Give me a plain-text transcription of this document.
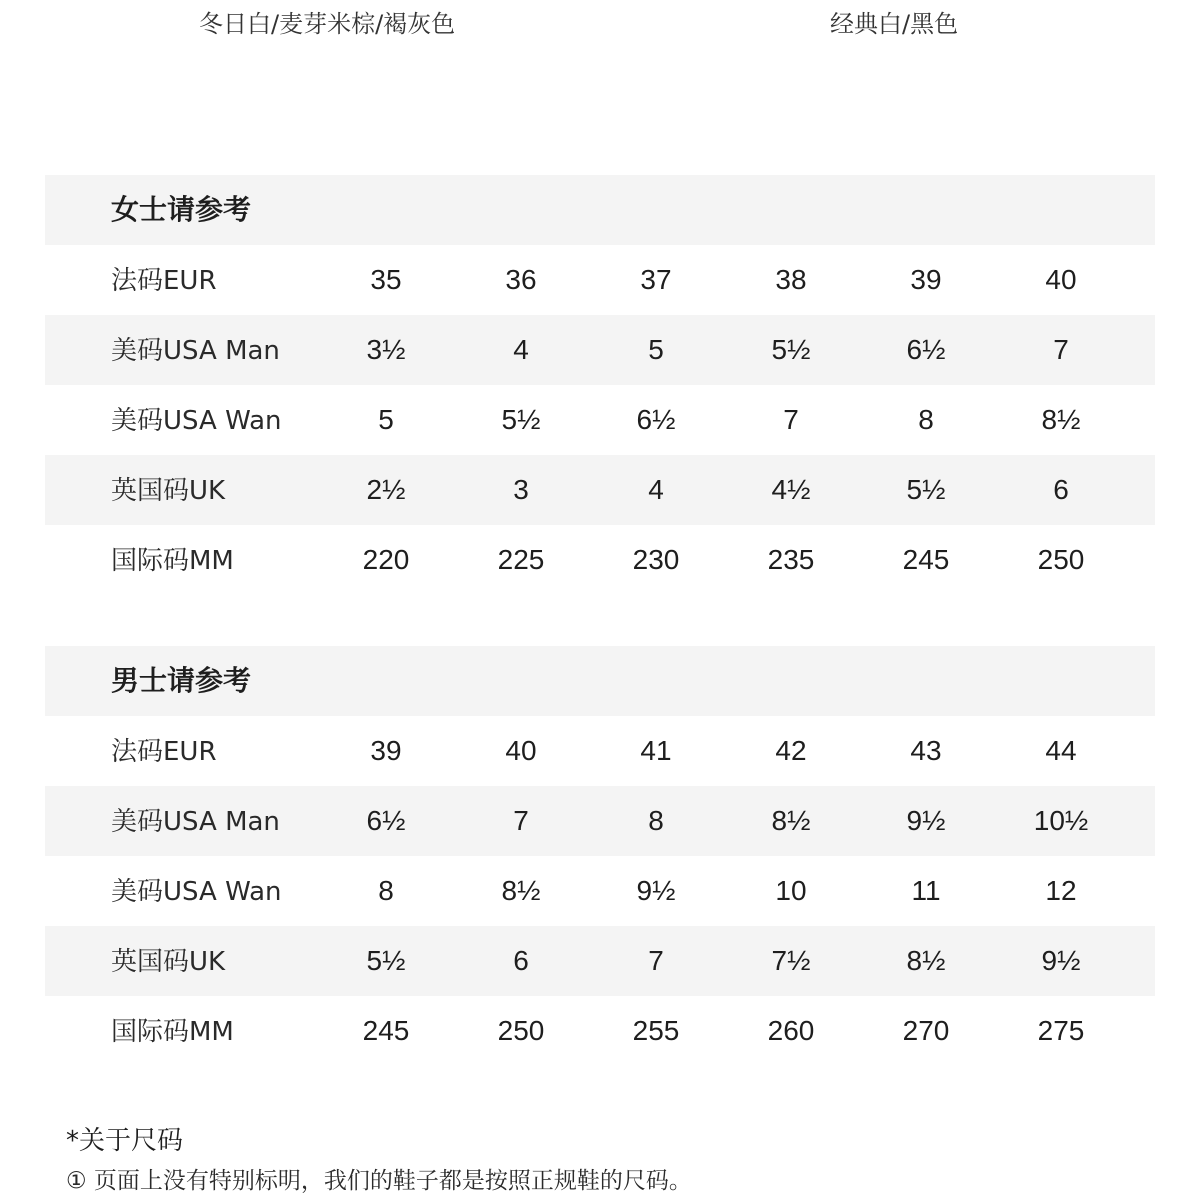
冬日白/麦芽米棕/褐灰色	经典白/黑色
女士请参考
法码EUR	35	36	37	38	39	40
美码USA Man	3½	4	5	5½	6½	7
美码USA Wan	5	5½	6½	7	8	8½
英国码UK	2½	3	4	4½	5½	6
国际码MM	220	225	230	235	245	250
男士请参考
法码EUR	39	40	41	42	43	44
美码USA Man	6½	7	8	8½	9½	10½
美码USA Wan	8	8½	9½	10	11	12
英国码UK	5½	6	7	7½	8½	9½
国际码MM	245	250	255	260	270	275
*关于尺码
① 页面上没有特别标明，我们的鞋子都是按照正规鞋的尺码。
